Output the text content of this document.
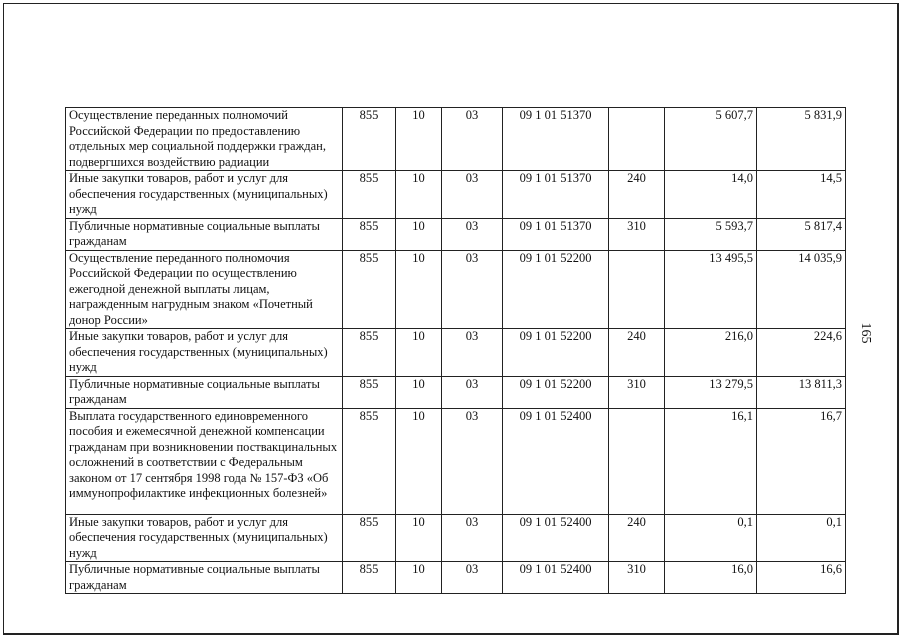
Осуществление переданных полномочий Российской Федерации по предоставлению отдельных мер социальной поддержки граждан, подвергшихся воздействию радиации	855	10	03	09 1 01 51370		5 607,7	5 831,9
Иные закупки товаров, работ и услуг для обеспечения государственных (муниципальных) нужд	855	10	03	09 1 01 51370	240	14,0	14,5
Публичные нормативные социальные выплаты гражданам	855	10	03	09 1 01 51370	310	5 593,7	5 817,4
Осуществление переданного полномочия Российской Федерации по осуществлению ежегодной денежной выплаты лицам, награжденным нагрудным знаком «Почетный донор России»	855	10	03	09 1 01 52200		13 495,5	14 035,9
Иные закупки товаров, работ и услуг для обеспечения государственных (муниципальных) нужд	855	10	03	09 1 01 52200	240	216,0	224,6
Публичные нормативные социальные выплаты гражданам	855	10	03	09 1 01 52200	310	13 279,5	13 811,3
Выплата государственного единовременного пособия и ежемесячной денежной компенсации гражданам при возникновении поствакцинальных осложнений в соответствии с Федеральным законом от 17 сентября 1998 года № 157-ФЗ «Об иммунопрофилактике инфекционных болезней»	855	10	03	09 1 01 52400		16,1	16,7
Иные закупки товаров, работ и услуг для обеспечения государственных (муниципальных) нужд	855	10	03	09 1 01 52400	240	0,1	0,1
Публичные нормативные социальные выплаты гражданам	855	10	03	09 1 01 52400	310	16,0	16,6
165
